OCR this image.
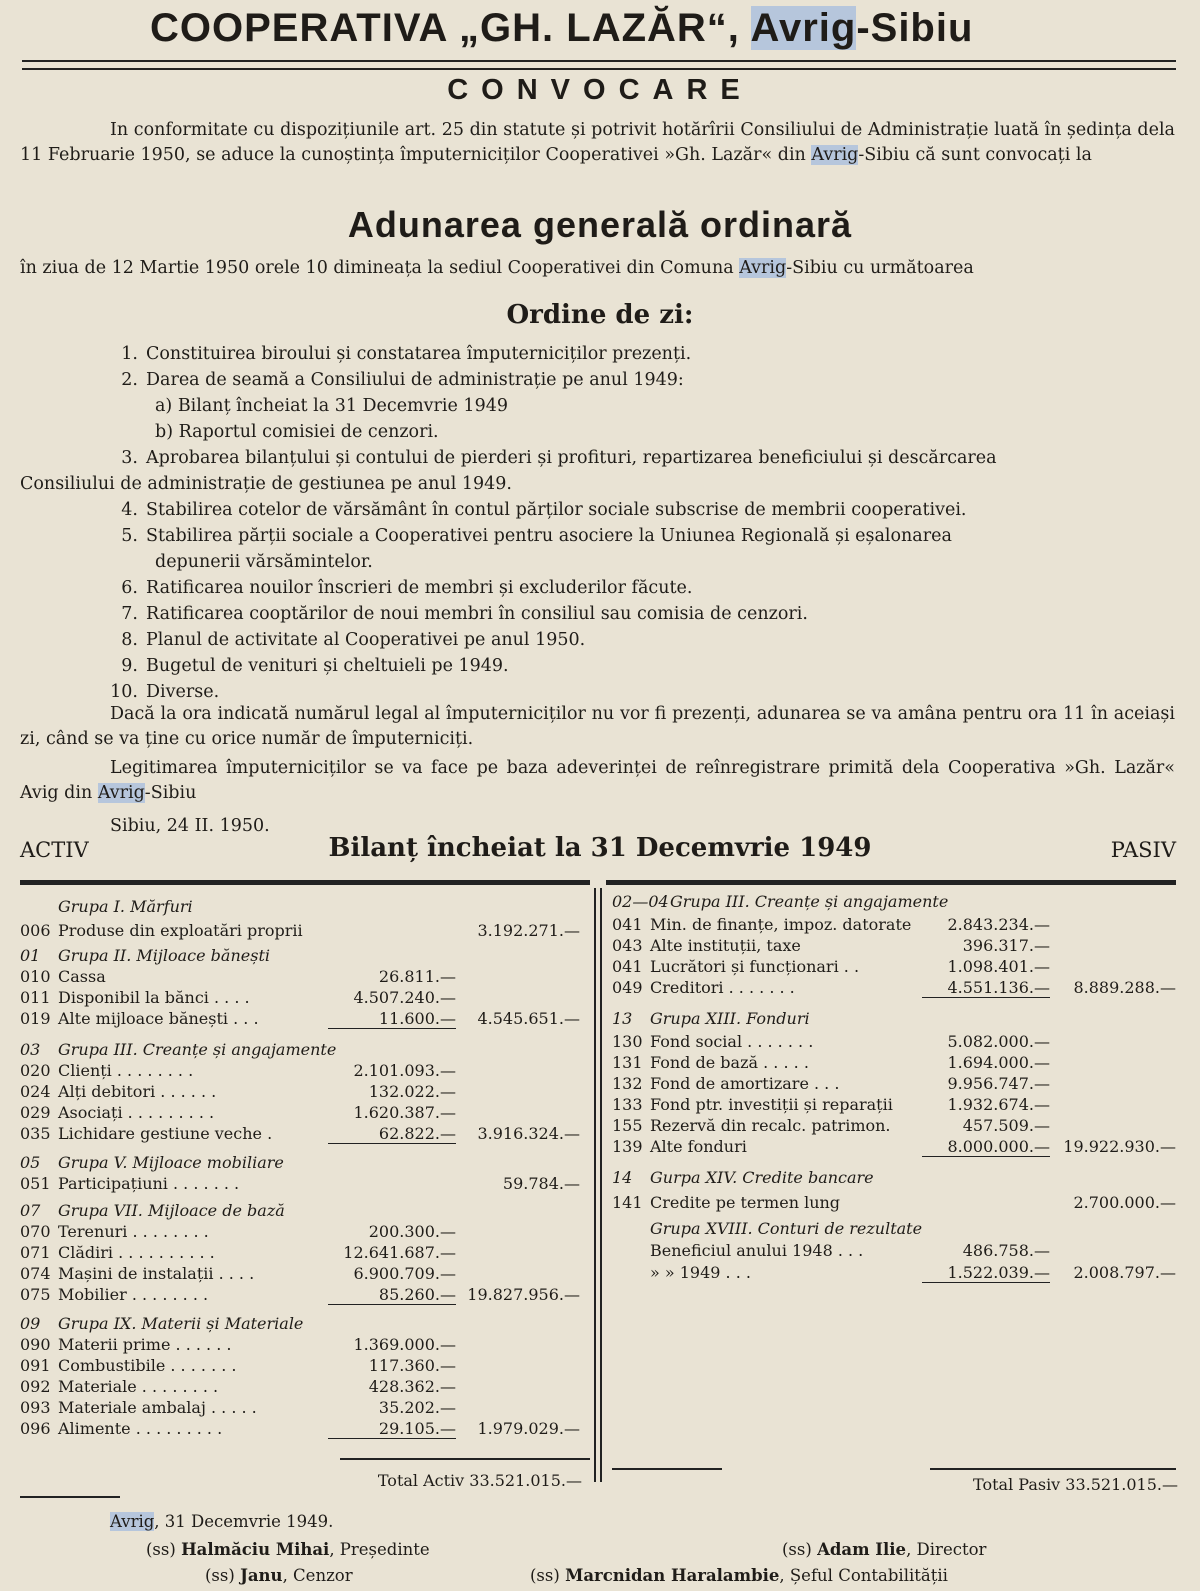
COOPERATIVA „GH. LAZĂR“, Avrig-Sibiu
CONVOCARE
In conformitate cu dispozițiunile art. 25 din statute și potrivit hotărîrii Consiliului de Administrație luată în ședința dela 11 Februarie 1950, se aduce la cunoștința împuterniciților Cooperativei »Gh. Lazăr« din Avrig-Sibiu că sunt convocați la
Adunarea generală ordinară
în ziua de 12 Martie 1950 orele 10 dimineața la sediul Cooperativei din Comuna Avrig-Sibiu cu următoarea
Ordine de zi:
1. Constituirea biroului și constatarea împuterniciților prezenți.
2. Darea de seamă a Consiliului de administrație pe anul 1949:
a) Bilanț încheiat la 31 Decemvrie 1949
b) Raportul comisiei de cenzori.
3. Aprobarea bilanțului și contului de pierderi și profituri, repartizarea beneficiului și descărcarea
Consiliului de administrație de gestiunea pe anul 1949.
4. Stabilirea cotelor de vărsământ în contul părților sociale subscrise de membrii cooperativei.
5. Stabilirea părții sociale a Cooperativei pentru asociere la Uniunea Regională și eșalonarea
depunerii vărsămintelor.
6. Ratificarea nouilor înscrieri de membri și excluderilor făcute.
7. Ratificarea cooptărilor de noui membri în consiliul sau comisia de cenzori.
8. Planul de activitate al Cooperativei pe anul 1950.
9. Bugetul de venituri și cheltuieli pe 1949.
10. Diverse.
Dacă la ora indicată numărul legal al împuterniciților nu vor fi prezenți, adunarea se va amâna pentru ora 11 în aceiași zi, când se va ține cu orice număr de împuterniciți.
Legitimarea împuterniciților se va face pe baza adeverinței de reînregistrare primită dela Cooperativa »Gh. Lazăr« Avig din Avrig-Sibiu
Sibiu, 24 II. 1950.
ACTIV	Bilanț încheiat la 31 Decemvrie 1949	PASIV
Grupa I. Mărfuri
006 Produse din exploatări proprii	3.192.271.—
01 Grupa II. Mijloace bănești
010 Cassa	26.811.—
011 Disponibil la bănci . . . .	4.507.240.—
019 Alte mijloace bănești . . .	11.600.—	4.545.651.—
03 Grupa III. Creanțe și angajamente
020 Clienți . . . . . . . .	2.101.093.—
024 Alți debitori . . . . . .	132.022.—
029 Asociați . . . . . . . . .	1.620.387.—
035 Lichidare gestiune veche .	62.822.—	3.916.324.—
05 Grupa V. Mijloace mobiliare
051 Participațiuni . . . . . . .	59.784.—
07 Grupa VII. Mijloace de bază
070 Terenuri . . . . . . . .	200.300.—
071 Clădiri . . . . . . . . . .	12.641.687.—
074 Mașini de instalații . . . .	6.900.709.—
075 Mobilier . . . . . . . .	85.260.— 19.827.956.—
09 Grupa IX. Materii și Materiale
090 Materii prime . . . . . .	1.369.000.—
091 Combustibile . . . . . . .	117.360.—
092 Materiale . . . . . . . .	428.362.—
093 Materiale ambalaj . . . . .	35.202.—
096 Alimente . . . . . . . . .	29.105.—	1.979.029.—
02—04Grupa III. Creanțe și angajamente
041 Min. de finanțe, impoz. datorate	2.843.234.—
043 Alte instituții, taxe	396.317.—
041 Lucrători și funcționari . .	1.098.401.—
049 Creditori . . . . . . .	4.551.136.—	8.889.288.—
13 Grupa XIII. Fonduri
130 Fond social . . . . . . .	5.082.000.—
131 Fond de bază . . . . .	1.694.000.—
132 Fond de amortizare . . .	9.956.747.—
133 Fond ptr. investiții și reparații	1.932.674.—
155 Rezervă din recalc. patrimon.	457.509.—
139 Alte fonduri	8.000.000.— 19.922.930.—
14 Gurpa XIV. Credite bancare
141 Credite pe termen lung	2.700.000.—
Grupa XVIII. Conturi de rezultate
Beneficiul anului 1948 . . .	486.758.—
» » 1949 . . .	1.522.039.—	2.008.797.—
Total Activ 33.521.015.—	Total Pasiv 33.521.015.—
Avrig, 31 Decemvrie 1949.
(ss) Halmăciu Mihai, Președinte
(ss) Janu, Cenzor
(ss) Adam Ilie, Director
(ss) Marcnidan Haralambie, Șeful Contabilității
